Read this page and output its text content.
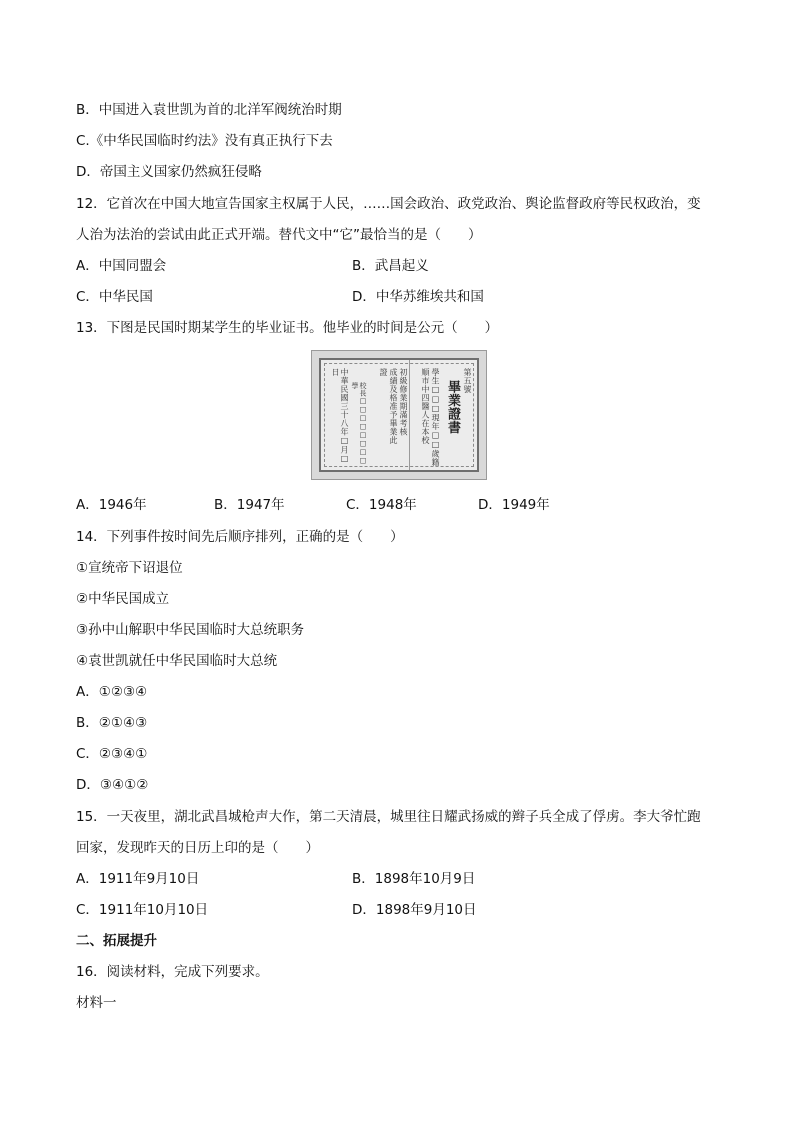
B．中国进入袁世凯为首的北洋军阀统治时期
C.《中华民国临时约法》没有真正执行下去
D．帝国主义国家仍然疯狂侵略
12．它首次在中国大地宣告国家主权属于人民，……国会政治、政党政治、舆论监督政府等民权政治，变
人治为法治的尝试由此正式开端。替代文中“它”最恰当的是（　　）
A．中国同盟会	B．武昌起义
C．中华民国	D．中华苏维埃共和国
13．下图是民国时期某学生的毕业证书。他毕业的时间是公元（　　）
第五號
畢業證書
學生□□□現年□□歲籍
順市中四醫人在本校
初級修業期滿考核
成績及格准予畢業此
證
校長□□□□□□□□學
中華民國三十八年□月□日
A．1946年	B．1947年	C．1948年	D．1949年
14．下列事件按时间先后顺序排列，正确的是（　　）
①宣统帝下诏退位
②中华民国成立
③孙中山解职中华民国临时大总统职务
④袁世凯就任中华民国临时大总统
A．①②③④
B．②①④③
C．②③④①
D．③④①②
15．一天夜里，湖北武昌城枪声大作，第二天清晨，城里往日耀武扬威的辫子兵全成了俘虏。李大爷忙跑
回家，发现昨天的日历上印的是（　　）
A．1911年9月10日	B．1898年10月9日
C．1911年10月10日	D．1898年9月10日
二、拓展提升
16．阅读材料，完成下列要求。
材料一
